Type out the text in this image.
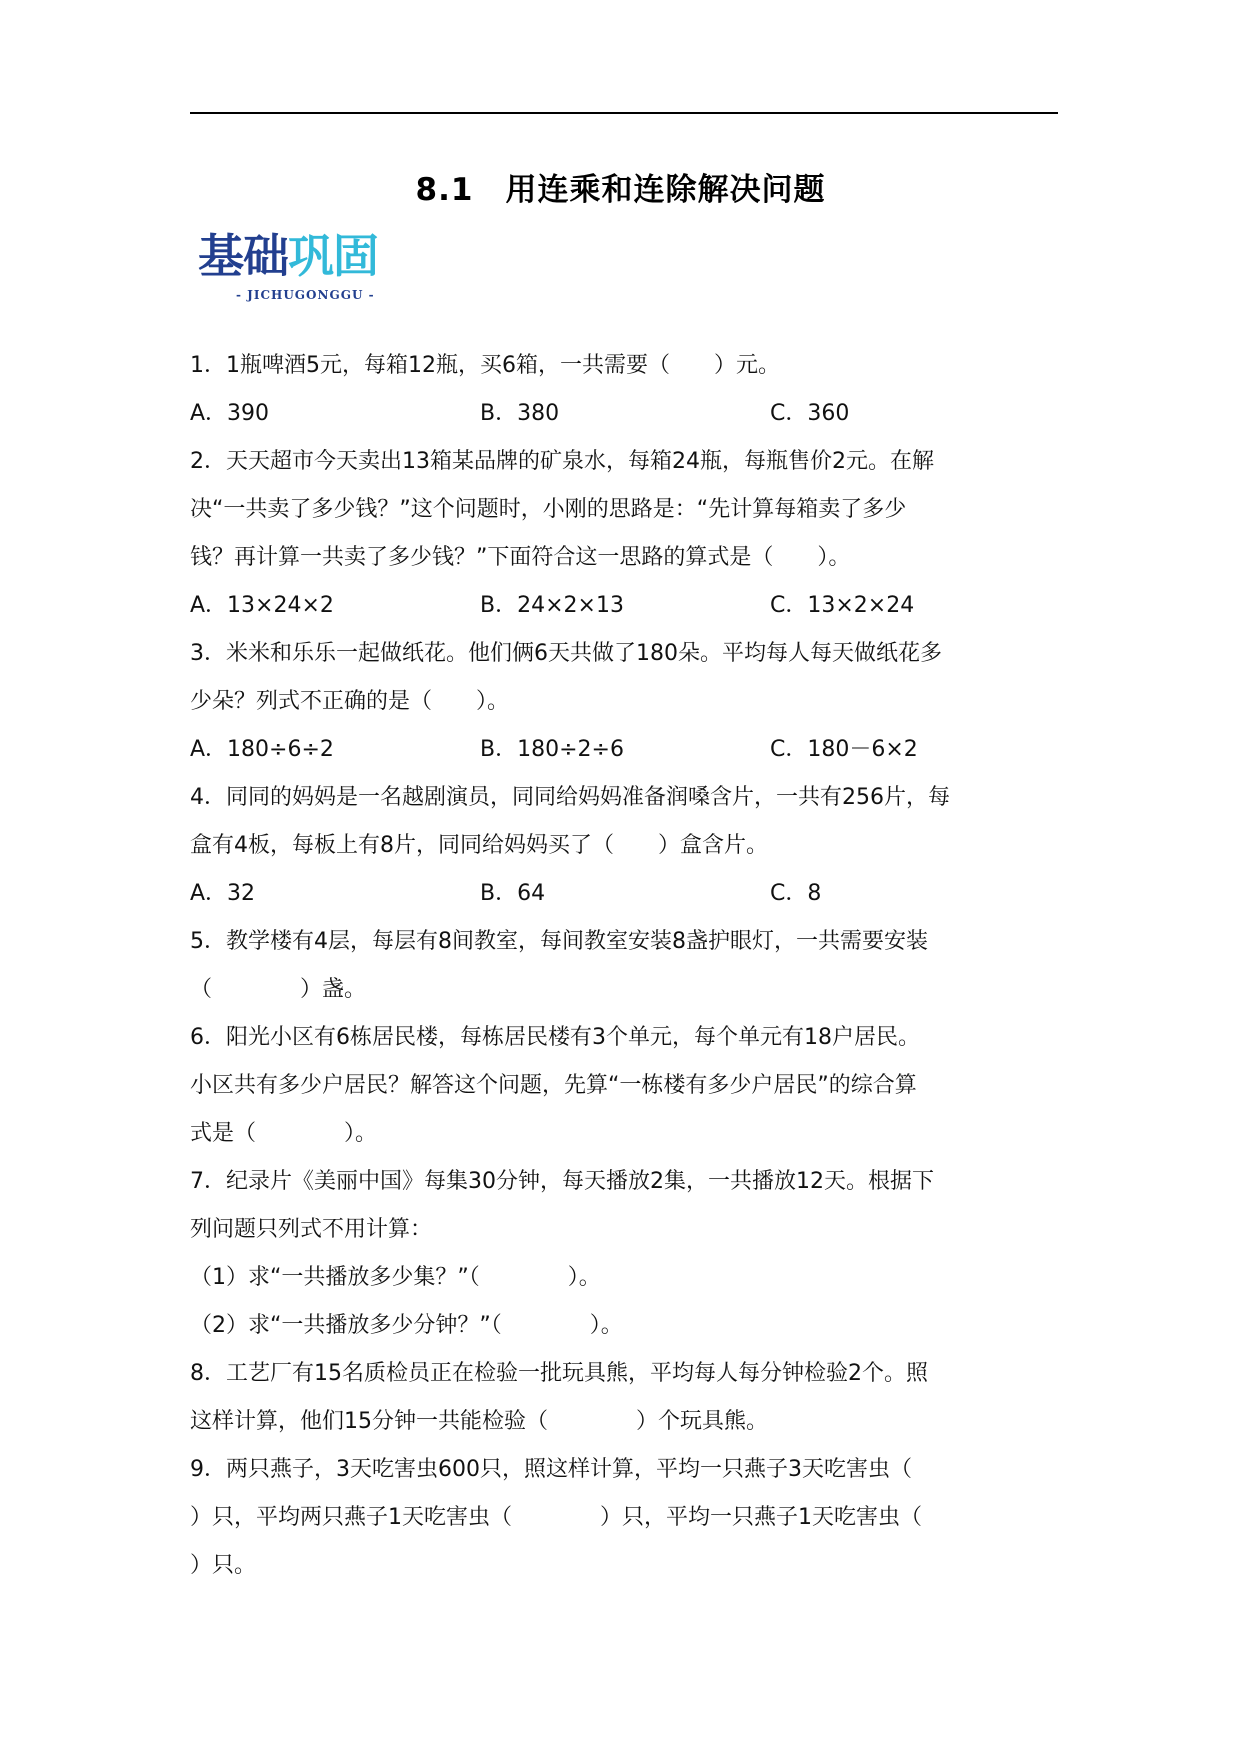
8.1　用连乘和连除解决问题
基础巩固
- JICHUGONGGU -
1．1瓶啤酒5元，每箱12瓶，买6箱，一共需要（　　）元。
A．390	B．380	C．360
2．天天超市今天卖出13箱某品牌的矿泉水，每箱24瓶，每瓶售价2元。在解
决“一共卖了多少钱？”这个问题时，小刚的思路是：“先计算每箱卖了多少
钱？再计算一共卖了多少钱？”下面符合这一思路的算式是（　　）。
A．13×24×2	B．24×2×13	C．13×2×24
3．米米和乐乐一起做纸花。他们俩6天共做了180朵。平均每人每天做纸花多
少朵？列式不正确的是（　　）。
A．180÷6÷2	B．180÷2÷6	C．180－6×2
4．同同的妈妈是一名越剧演员，同同给妈妈准备润嗓含片，一共有256片，每
盒有4板，每板上有8片，同同给妈妈买了（　　）盒含片。
A．32	B．64	C．8
5．教学楼有4层，每层有8间教室，每间教室安装8盏护眼灯，一共需要安装
（　　　　）盏。
6．阳光小区有6栋居民楼，每栋居民楼有3个单元，每个单元有18户居民。
小区共有多少户居民？解答这个问题，先算“一栋楼有多少户居民”的综合算
式是（　　　　）。
7．纪录片《美丽中国》每集30分钟，每天播放2集，一共播放12天。根据下
列问题只列式不用计算：
（1）求“一共播放多少集？”（　　　　）。
（2）求“一共播放多少分钟？”（　　　　）。
8．工艺厂有15名质检员正在检验一批玩具熊，平均每人每分钟检验2个。照
这样计算，他们15分钟一共能检验（　　　　）个玩具熊。
9．两只燕子，3天吃害虫600只，照这样计算，平均一只燕子3天吃害虫（
）只，平均两只燕子1天吃害虫（　　　　）只，平均一只燕子1天吃害虫（
）只。
